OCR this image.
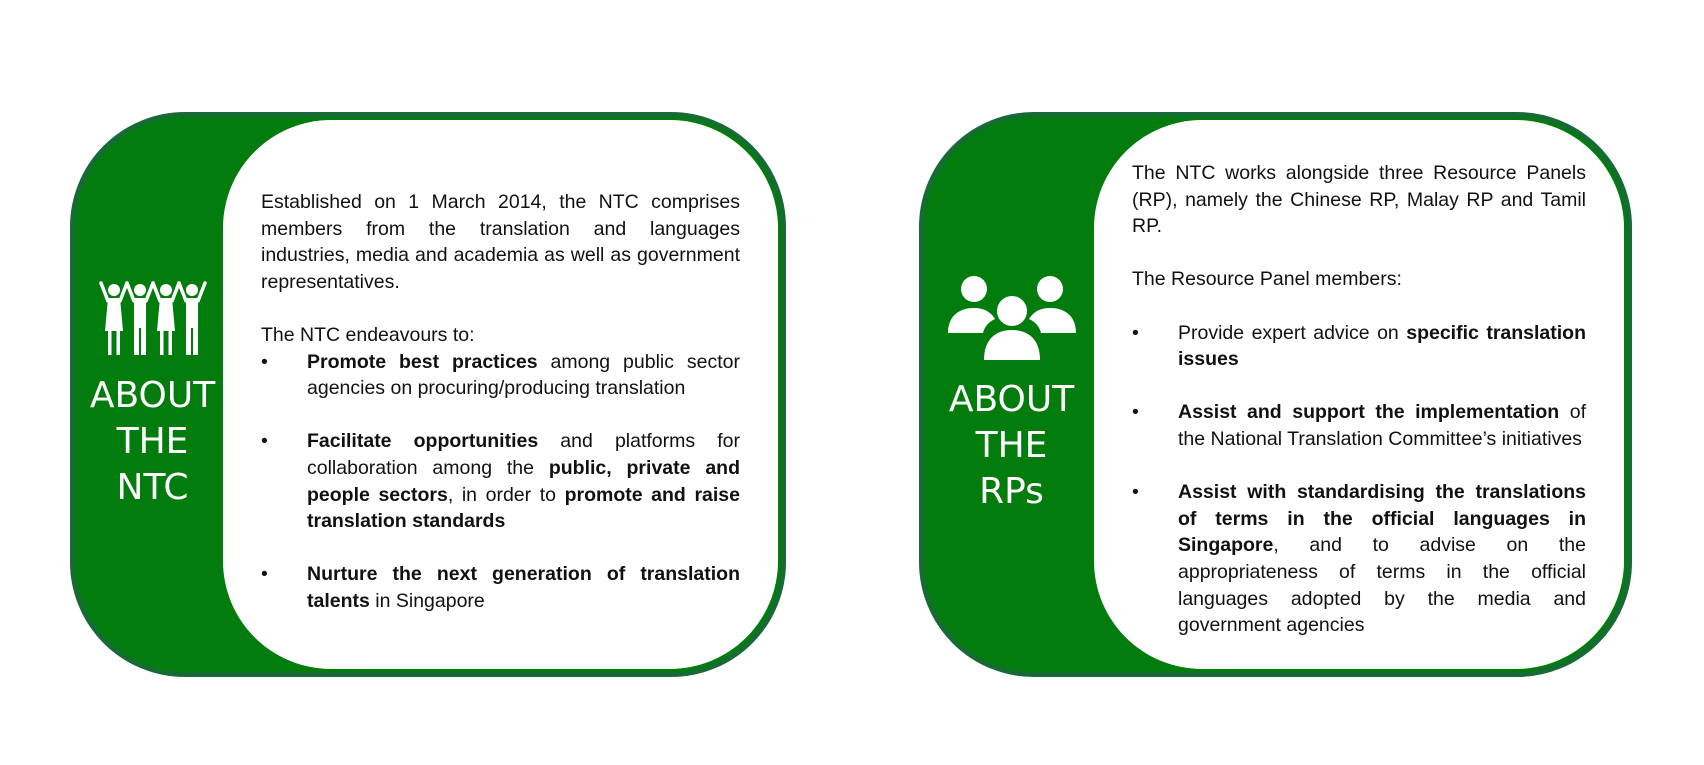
ABOUT
THE
NTC

Established on 1 March 2014, the NTC comprises members from the translation and languages industries, media and academia as well as government representatives.

The NTC endeavours to:

• Promote best practices among public sector agencies on procuring/producing translation
• Facilitate opportunities and platforms for collaboration among the public, private and people sectors, in order to promote and raise translation standards
• Nurture the next generation of translation talents in Singapore
ABOUT
THE
RPs

The NTC works alongside three Resource Panels (RP), namely the Chinese RP, Malay RP and Tamil RP.

The Resource Panel members:

• Provide expert advice on specific translation issues
• Assist and support the implementation of the National Translation Committee’s initiatives
• Assist with standardising the translations of terms in the official languages in Singapore, and to advise on the appropriateness of terms in the official languages adopted by the media and government agencies
